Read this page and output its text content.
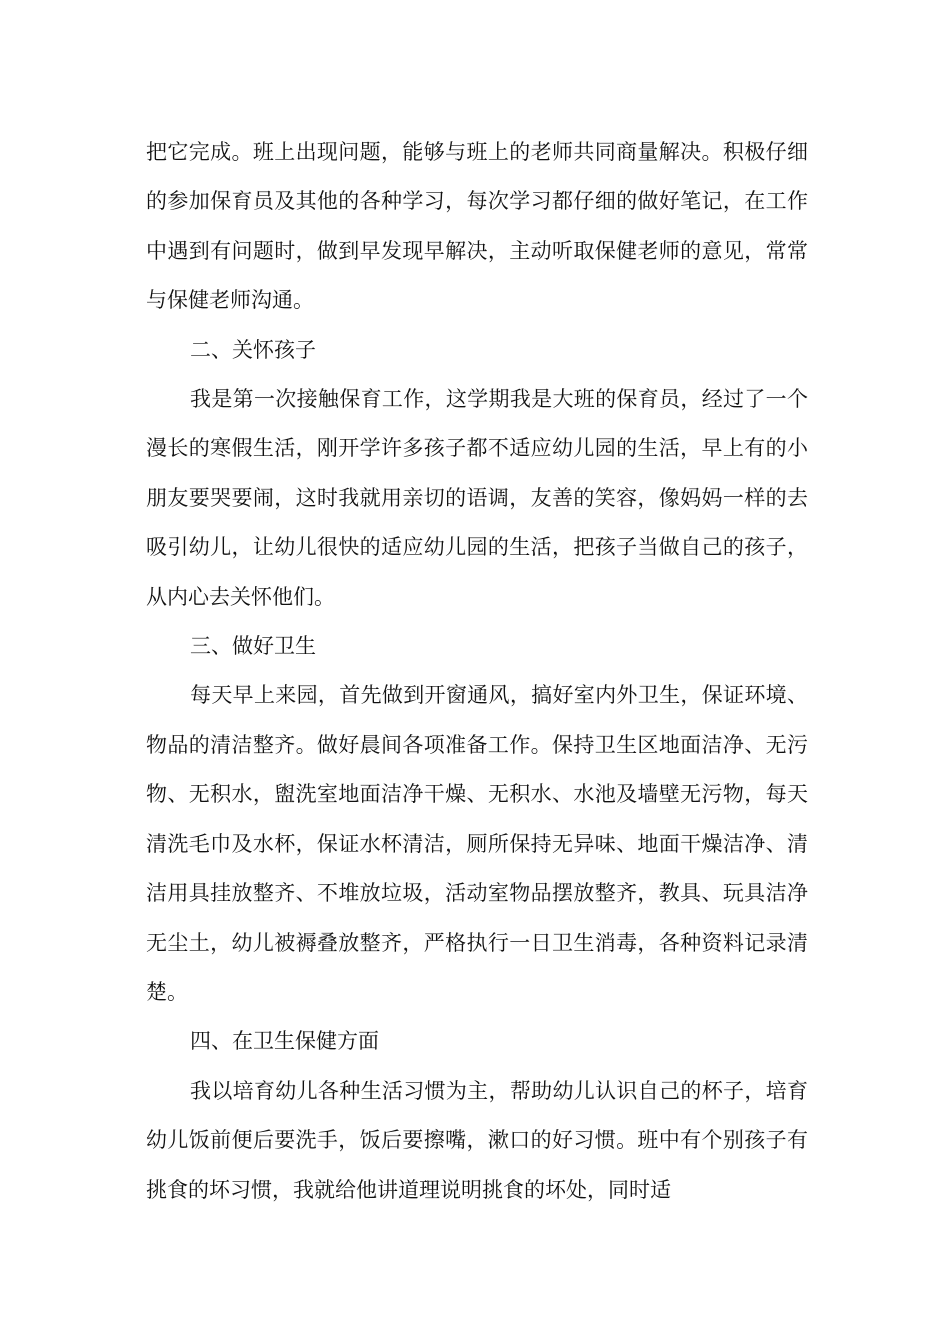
把它完成。班上出现问题，能够与班上的老师共同商量解决。积极仔细的参加保育员及其他的各种学习，每次学习都仔细的做好笔记，在工作中遇到有问题时，做到早发现早解决，主动听取保健老师的意见，常常与保健老师沟通。

二、关怀孩子

我是第一次接触保育工作，这学期我是大班的保育员，经过了一个漫长的寒假生活，刚开学许多孩子都不适应幼儿园的生活，早上有的小朋友要哭要闹，这时我就用亲切的语调，友善的笑容，像妈妈一样的去吸引幼儿，让幼儿很快的适应幼儿园的生活，把孩子当做自己的孩子，从内心去关怀他们。

三、做好卫生

每天早上来园，首先做到开窗通风，搞好室内外卫生，保证环境、物品的清洁整齐。做好晨间各项准备工作。保持卫生区地面洁净、无污物、无积水，盥洗室地面洁净干燥、无积水、水池及墙壁无污物，每天清洗毛巾及水杯，保证水杯清洁，厕所保持无异味、地面干燥洁净、清洁用具挂放整齐、不堆放垃圾，活动室物品摆放整齐，教具、玩具洁净无尘土，幼儿被褥叠放整齐，严格执行一日卫生消毒，各种资料记录清楚。

四、在卫生保健方面

我以培育幼儿各种生活习惯为主，帮助幼儿认识自己的杯子，培育幼儿饭前便后要洗手，饭后要擦嘴，漱口的好习惯。班中有个别孩子有挑食的坏习惯，我就给他讲道理说明挑食的坏处，同时适
